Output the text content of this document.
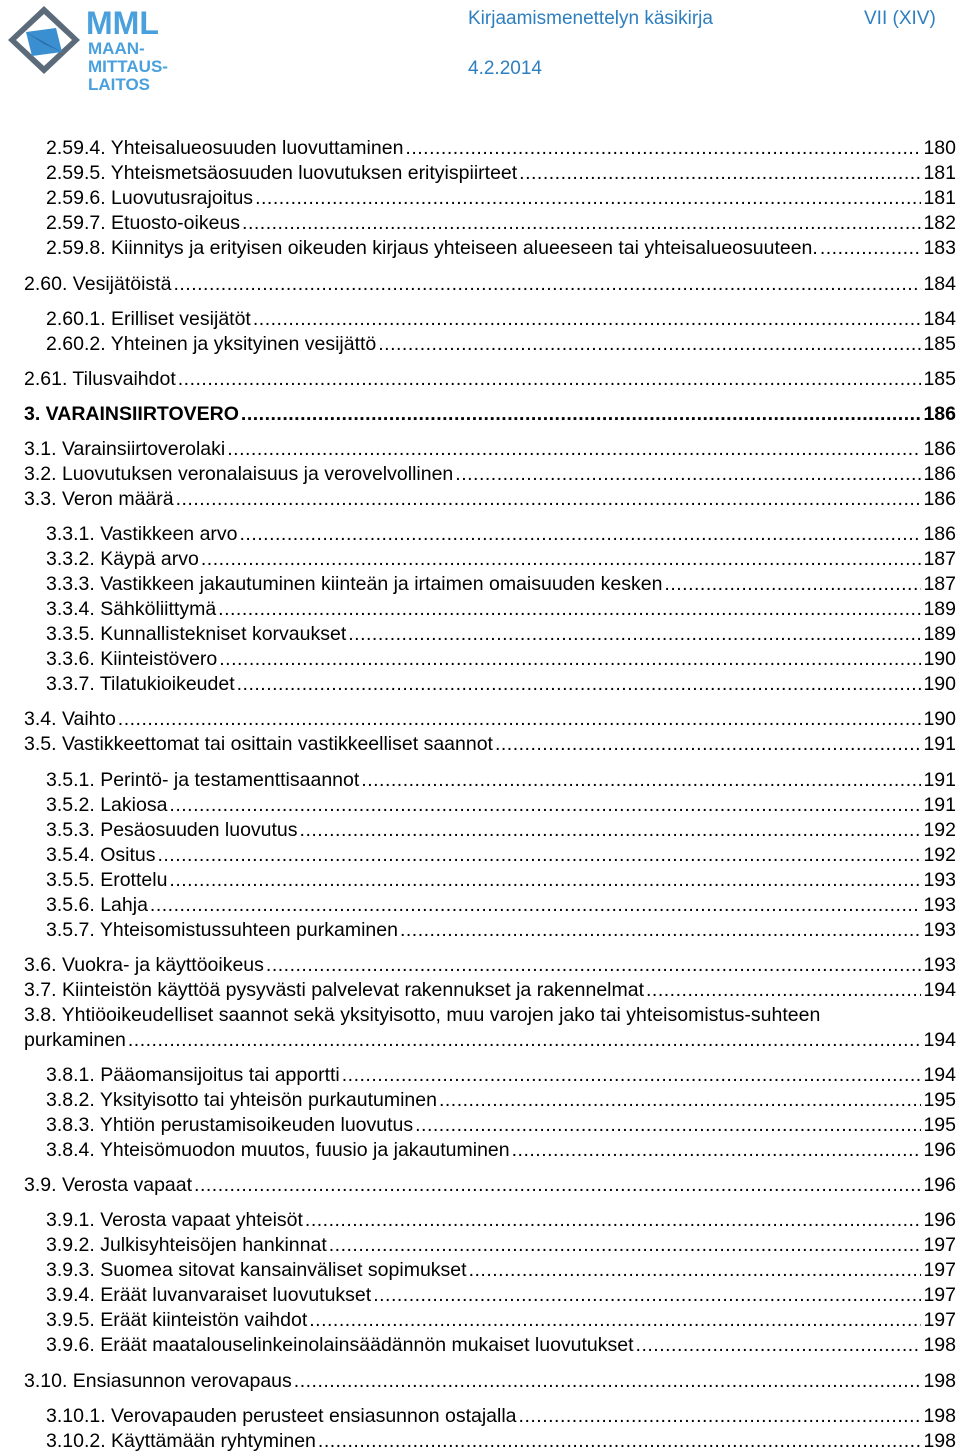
MML
MAAN-
MITTAUS-
LAITOS
Kirjaamismenettelyn käsikirja	VII (XIV)
4.2.2014
2.59.4. Yhteisalueosuuden luovuttaminen .....	180
2.59.5. Yhteismetsäosuuden luovutuksen erityispiirteet .....	181
2.59.6. Luovutusrajoitus .....	181
2.59.7. Etuosto-oikeus .....	182
2.59.8. Kiinnitys ja erityisen oikeuden kirjaus yhteiseen alueeseen tai yhteisalueosuuteen. .....	183
2.60. Vesijätöistä .....	184
2.60.1. Erilliset vesijätöt .....	184
2.60.2. Yhteinen ja yksityinen vesijättö .....	185
2.61. Tilusvaihdot .....	185
3. VARAINSIIRTOVERO .....	186
3.1. Varainsiirtoverolaki .....	186
3.2. Luovutuksen veronalaisuus ja verovelvollinen .....	186
3.3. Veron määrä .....	186
3.3.1. Vastikkeen arvo .....	186
3.3.2. Käypä arvo .....	187
3.3.3. Vastikkeen jakautuminen kiinteän ja irtaimen omaisuuden kesken .....	187
3.3.4. Sähköliittymä .....	189
3.3.5. Kunnallistekniset korvaukset .....	189
3.3.6. Kiinteistövero .....	190
3.3.7. Tilatukioikeudet .....	190
3.4. Vaihto .....	190
3.5. Vastikkeettomat tai osittain vastikkeelliset saannot .....	191
3.5.1. Perintö- ja testamenttisaannot .....	191
3.5.2. Lakiosa .....	191
3.5.3. Pesäosuuden luovutus .....	192
3.5.4. Ositus .....	192
3.5.5. Erottelu .....	193
3.5.6. Lahja .....	193
3.5.7. Yhteisomistussuhteen purkaminen .....	193
3.6. Vuokra- ja käyttöoikeus .....	193
3.7. Kiinteistön käyttöä pysyvästi palvelevat rakennukset ja rakennelmat .....	194
3.8. Yhtiöoikeudelliset saannot sekä yksityisotto, muu varojen jako tai yhteisomistus-suhteen
purkaminen .....	194
3.8.1. Pääomansijoitus tai apportti .....	194
3.8.2. Yksityisotto tai yhteisön purkautuminen .....	195
3.8.3. Yhtiön perustamisoikeuden luovutus .....	195
3.8.4. Yhteisömuodon muutos, fuusio ja jakautuminen .....	196
3.9. Verosta vapaat .....	196
3.9.1. Verosta vapaat yhteisöt .....	196
3.9.2. Julkisyhteisöjen hankinnat .....	197
3.9.3. Suomea sitovat kansainväliset sopimukset .....	197
3.9.4. Eräät luvanvaraiset luovutukset .....	197
3.9.5. Eräät kiinteistön vaihdot .....	197
3.9.6. Eräät maatalouselinkeinolainsäädännön mukaiset luovutukset .....	198
3.10. Ensiasunnon verovapaus .....	198
3.10.1. Verovapauden perusteet ensiasunnon ostajalla .....	198
3.10.2. Käyttämään ryhtyminen .....	198
